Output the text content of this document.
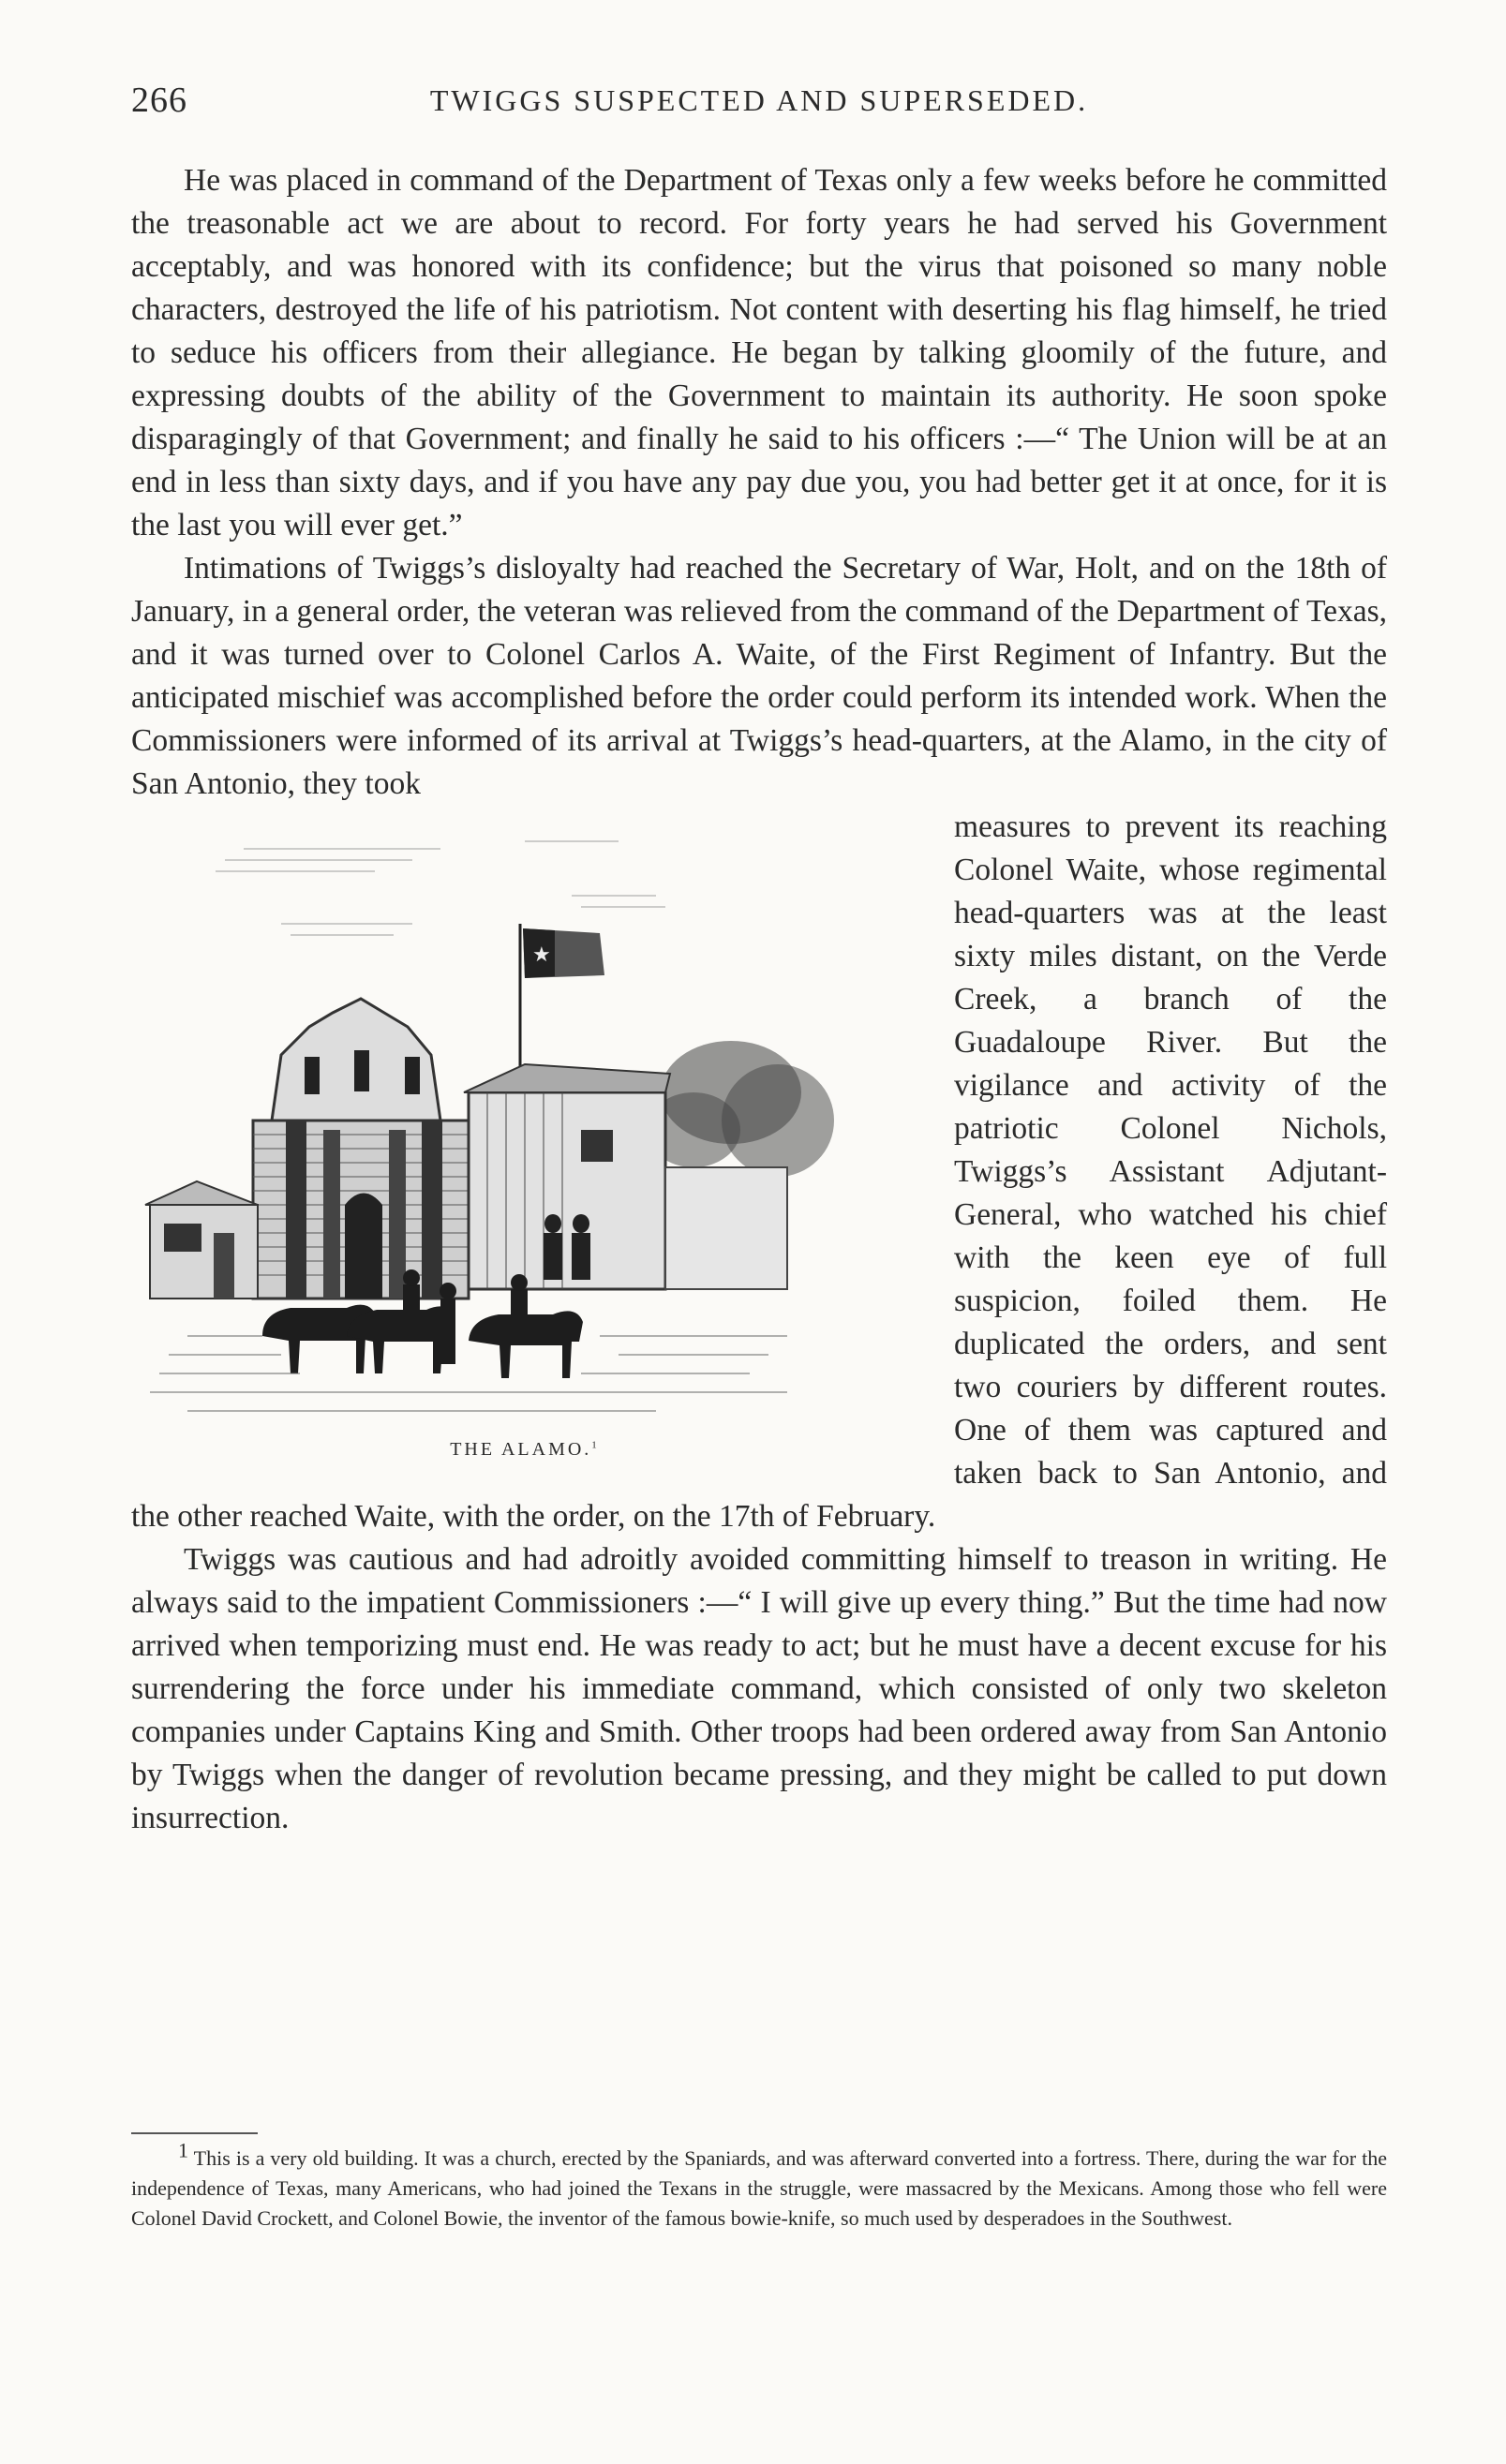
266	TWIGGS SUSPECTED AND SUPERSEDED.

He was placed in command of the Department of Texas only a few weeks before he committed the treasonable act we are about to record. For forty years he had served his Government acceptably, and was honored with its confidence; but the virus that poisoned so many noble characters, destroyed the life of his patriotism. Not content with deserting his flag himself, he tried to seduce his officers from their allegiance. He began by talking gloomily of the future, and expressing doubts of the ability of the Government to maintain its authority. He soon spoke disparagingly of that Government; and finally he said to his officers :—“ The Union will be at an end in less than sixty days, and if you have any pay due you, you had better get it at once, for it is the last you will ever get.”

Intimations of Twiggs’s disloyalty had reached the Secretary of War, Holt, and on the 18th of January, in a general order, the veteran was relieved from the command of the Department of Texas, and it was turned over to Colonel Carlos A. Waite, of the First Regiment of Infantry. But the anticipated mischief was accomplished before the order could perform its intended work. When the Commissioners were informed of its arrival at Twiggs’s head-quarters, at the Alamo, in the city of San Antonio, they took

★
THE ALAMO.$^1$

measures to prevent its reaching Colonel Waite, whose regimental head-quarters was at the least sixty miles distant, on the Verde Creek, a branch of the Guadaloupe River. But the vigilance and activity of the patriotic Colonel Nichols, Twiggs’s Assistant Adjutant-General, who watched his chief with the keen eye of full suspicion, foiled them. He duplicated the orders, and sent two couriers by different routes. One of them was captured and taken back to San Antonio, and the other reached Waite, with the order, on the 17th of February.

Twiggs was cautious and had adroitly avoided committing himself to treason in writing. He always said to the impatient Commissioners :—“ I will give up every thing.” But the time had now arrived when temporizing must end. He was ready to act; but he must have a decent excuse for his surrendering the force under his immediate command, which consisted of only two skeleton companies under Captains King and Smith. Other troops had been ordered away from San Antonio by Twiggs when the danger of revolution became pressing, and they might be called to put down insurrection.

$^1$ This is a very old building. It was a church, erected by the Spaniards, and was afterward converted into a fortress. There, during the war for the independence of Texas, many Americans, who had joined the Texans in the struggle, were massacred by the Mexicans. Among those who fell were Colonel David Crockett, and Colonel Bowie, the inventor of the famous bowie-knife, so much used by desperadoes in the Southwest.
